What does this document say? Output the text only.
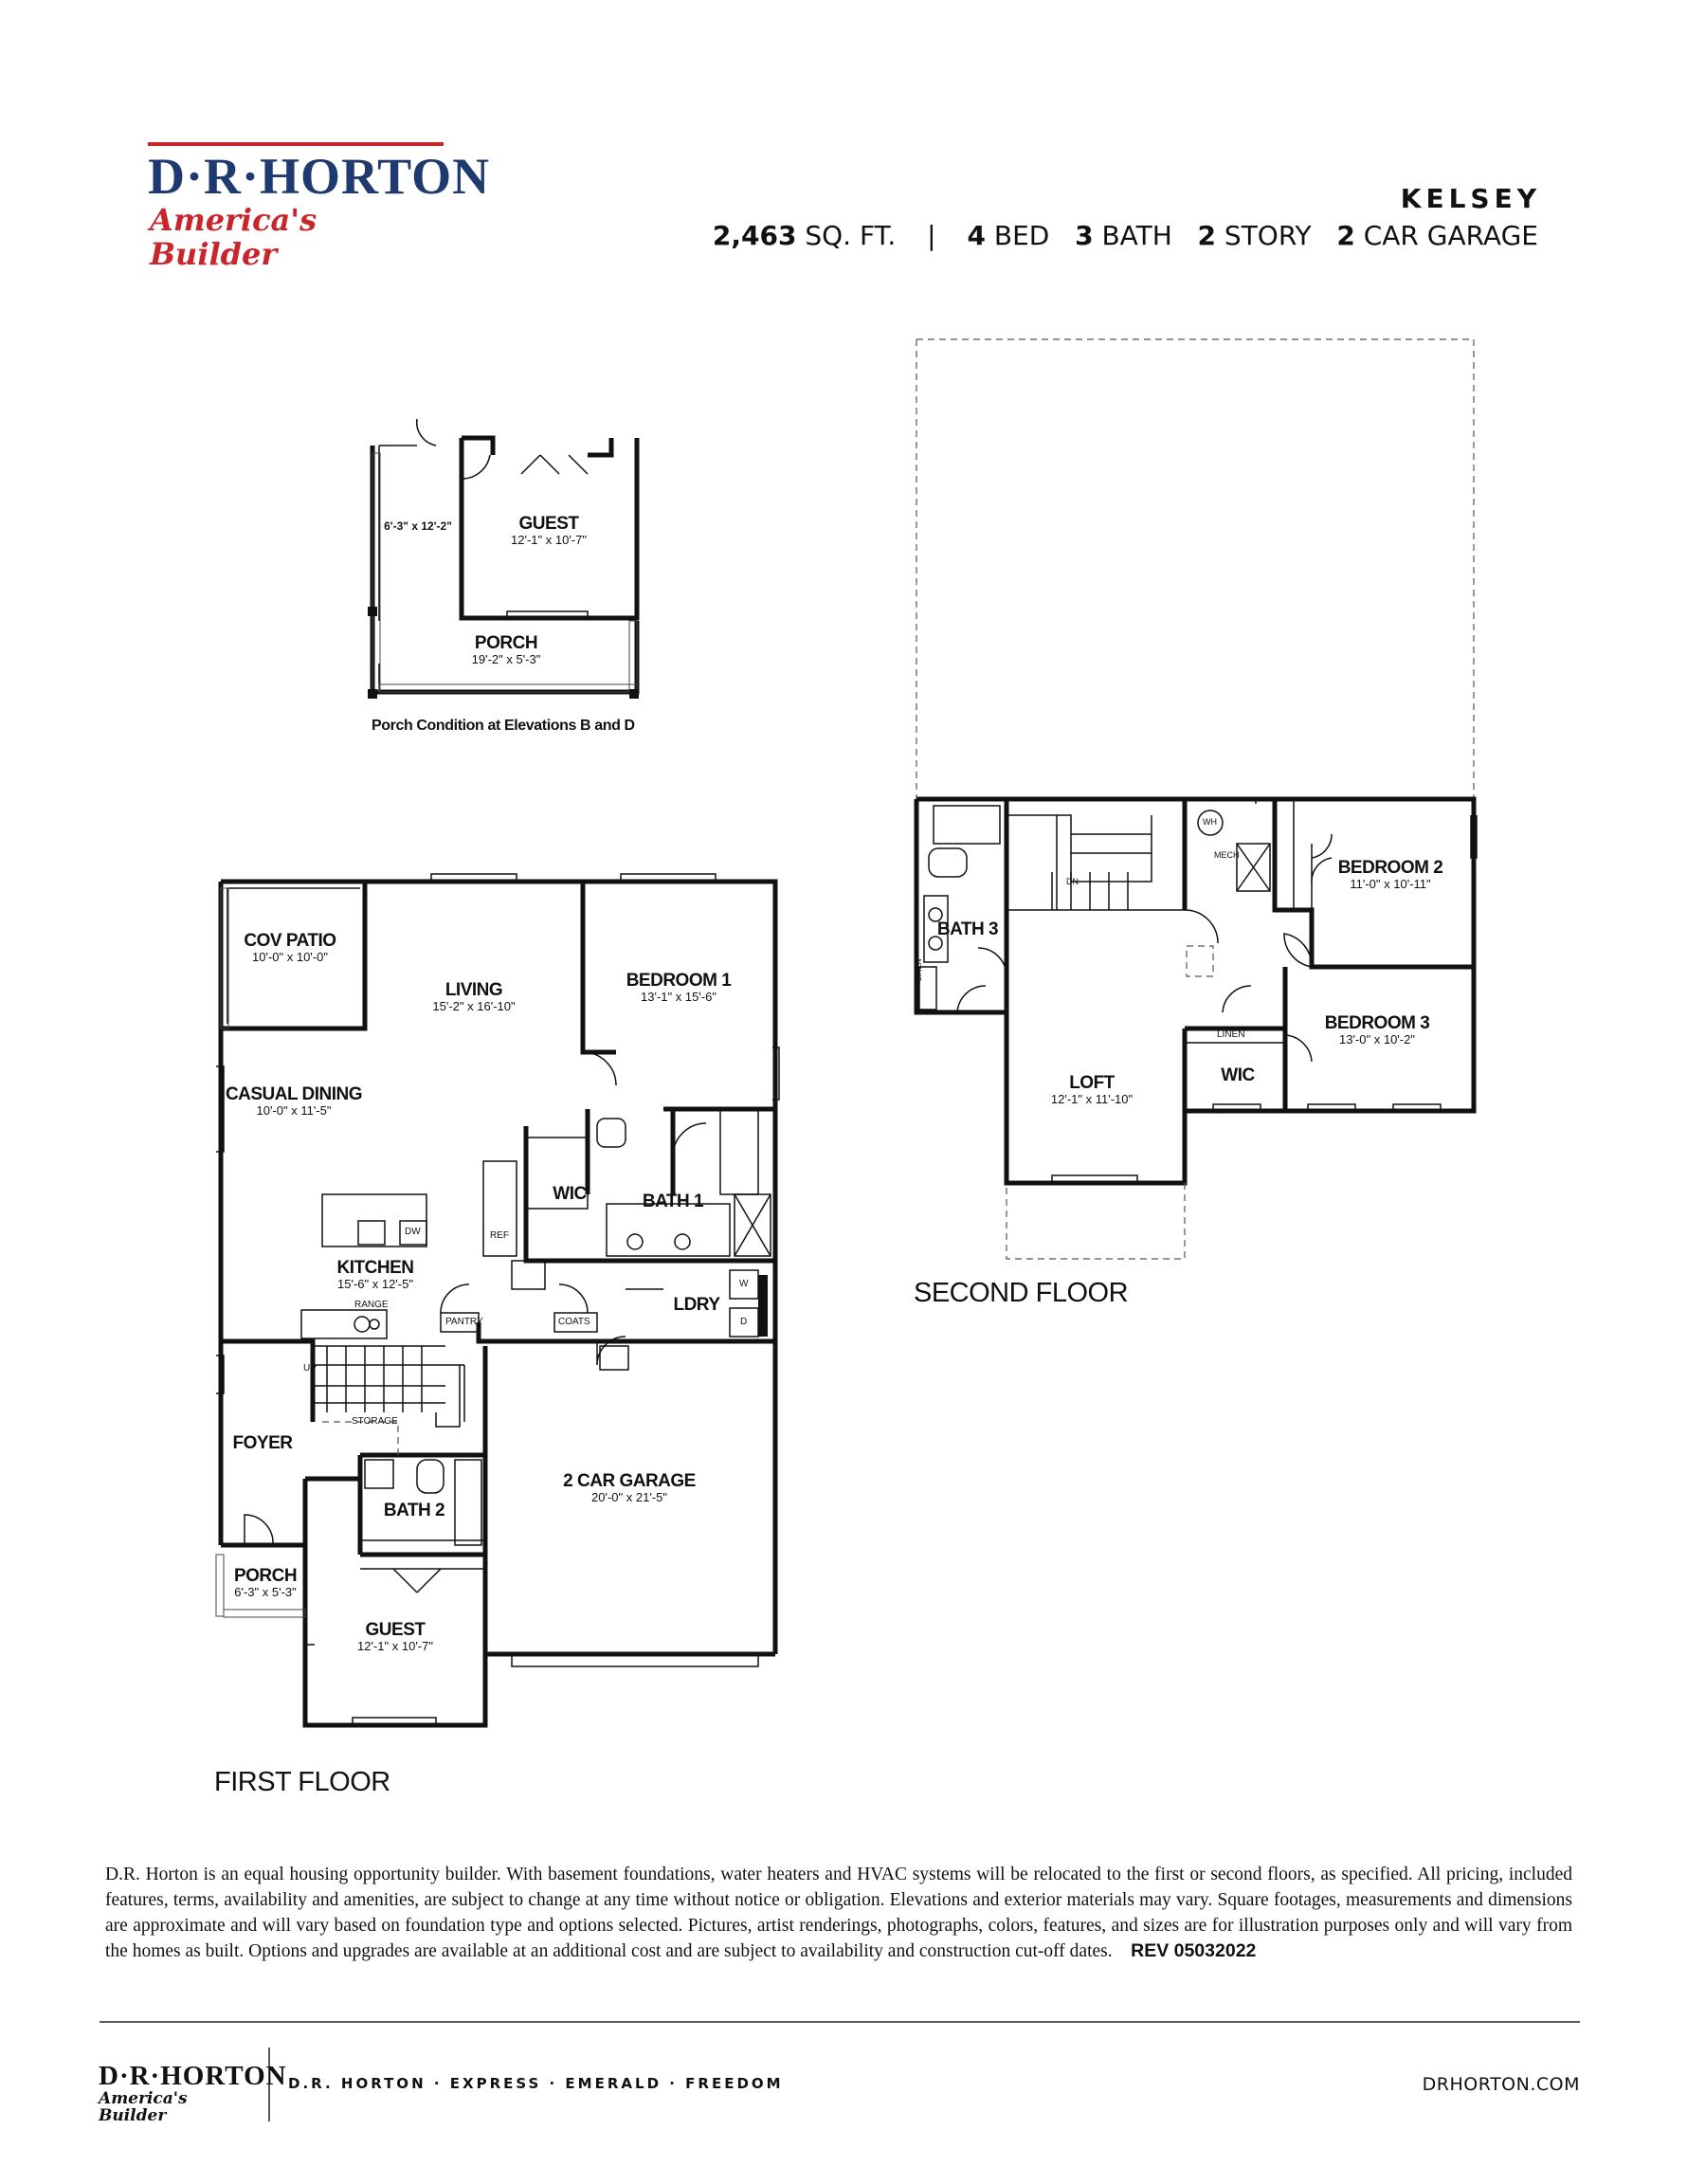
D·R·HORTON
America's Builder
KELSEY
2,463 SQ. FT. | 4 BED 3 BATH 2 STORY 2 CAR GARAGE
GUEST
12'-1" x 10'-7"
6'-3" x 12'-2"
PORCH
19'-2" x 5'-3"
Porch Condition at Elevations B and D
COV PATIO
10'-0" x 10'-0"
LIVING
15'-2" x 16'-10"
BEDROOM 1
13'-1" x 15'-6"
CASUAL DINING
10'-0" x 11'-5"
WIC	BATH 1
KITCHEN
15'-6" x 12'-5"
LDRY
FOYER
2 CAR GARAGE
20'-0" x 21'-5"
BATH 2
PORCH
6'-3" x 5'-3"
GUEST
12'-1" x 10'-7"
REF
DW
RANGE
PANTRY	COATS
W
D
UP
STORAGE
FIRST FLOOR
BATH 3
BEDROOM 2
11'-0" x 10'-11"
BEDROOM 3
13'-0" x 10'-2"
LOFT
12'-1" x 11'-10"
WIC
WH
MECH
LINEN
LINEN
DN
SECOND FLOOR
D.R. Horton is an equal housing opportunity builder. With basement foundations, water heaters and HVAC systems will be relocated to the first or second floors, as specified. All pricing, included features, terms, availability and amenities, are subject to change at any time without notice or obligation. Elevations and exterior materials may vary. Square footages, measurements and dimensions are approximate and will vary based on foundation type and options selected. Pictures, artist renderings, photographs, colors, features, and sizes are for illustration purposes only and will vary from the homes as built. Options and upgrades are available at an additional cost and are subject to availability and construction cut-off dates. REV 05032022
D·R·HORTON
America's Builder
D.R. HORTON · EXPRESS · EMERALD · FREEDOM	DRHORTON.COM
